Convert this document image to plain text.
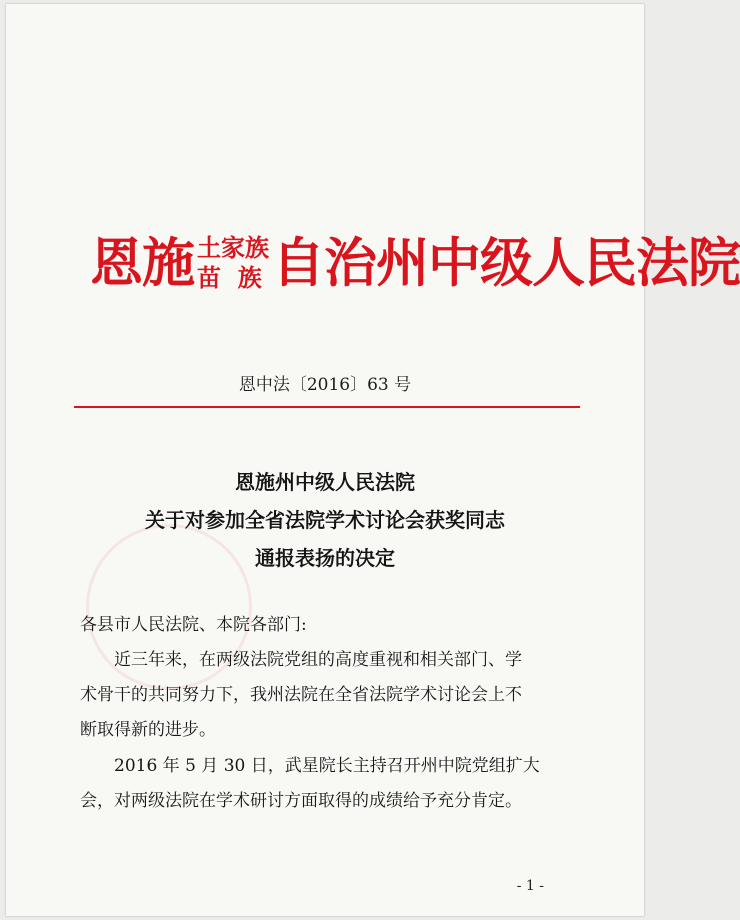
恩施 土家族
苗  族 自治州中级人民法院
恩中法〔2016〕63 号
恩施州中级人民法院
关于对参加全省法院学术讨论会获奖同志
通报表扬的决定
各县市人民法院、本院各部门:
近三年来，在两级法院党组的高度重视和相关部门、学
术骨干的共同努力下，我州法院在全省法院学术讨论会上不
断取得新的进步。
2016 年 5 月 30 日，武星院长主持召开州中院党组扩大
会，对两级法院在学术研讨方面取得的成绩给予充分肯定。
- 1 -
